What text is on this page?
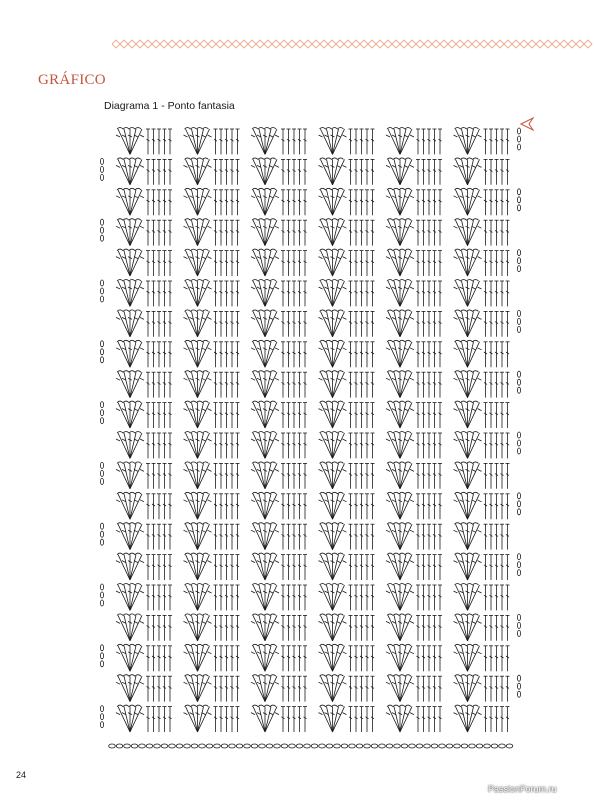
GRÁFICO
Diagrama 1 - Ponto fantasia
24
PassionForum.ru
